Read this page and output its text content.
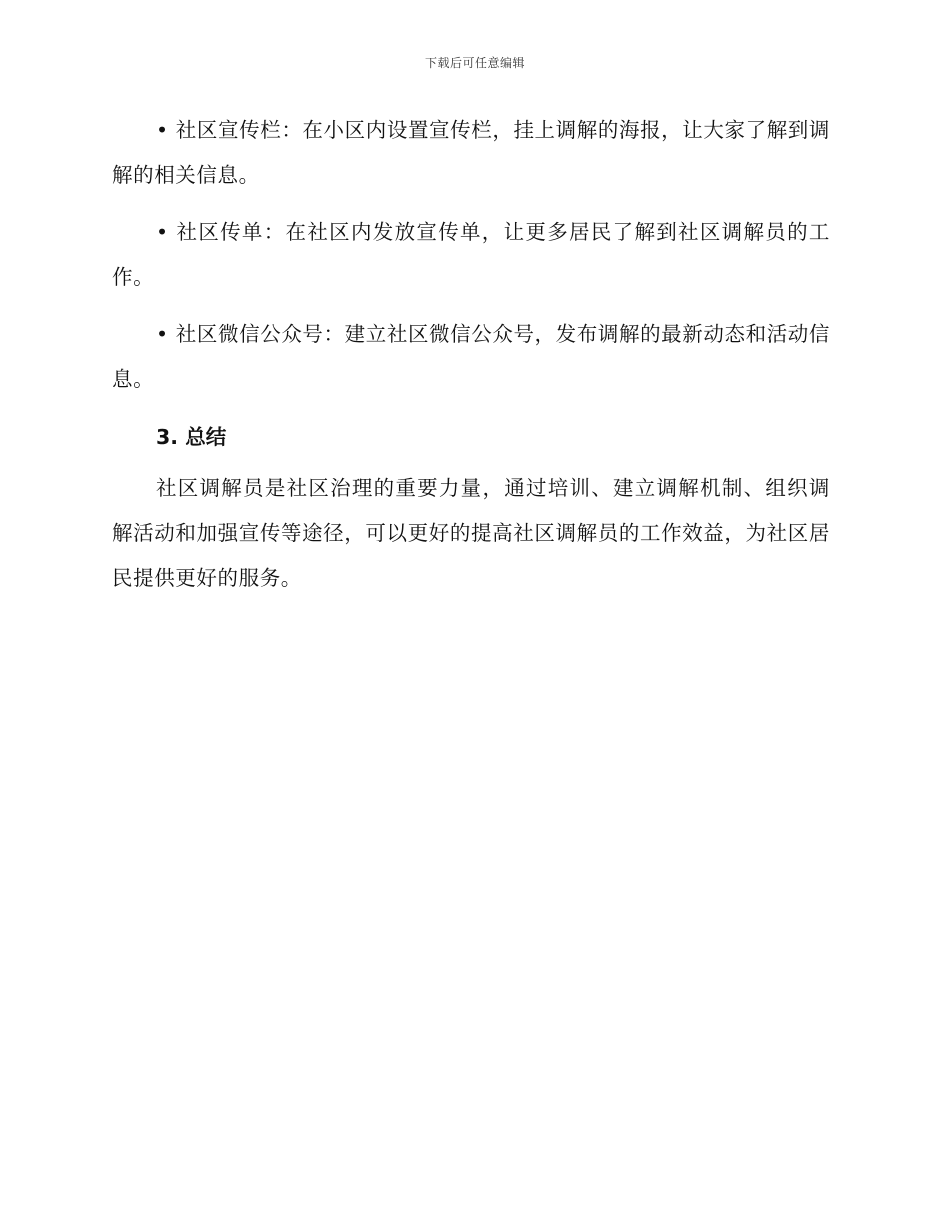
下载后可任意编辑

• 社区宣传栏：在小区内设置宣传栏，挂上调解的海报，让大家了解到调解的相关信息。

• 社区传单：在社区内发放宣传单，让更多居民了解到社区调解员的工作。

• 社区微信公众号：建立社区微信公众号，发布调解的最新动态和活动信息。

3. 总结

社区调解员是社区治理的重要力量，通过培训、建立调解机制、组织调解活动和加强宣传等途径，可以更好的提高社区调解员的工作效益，为社区居民提供更好的服务。
